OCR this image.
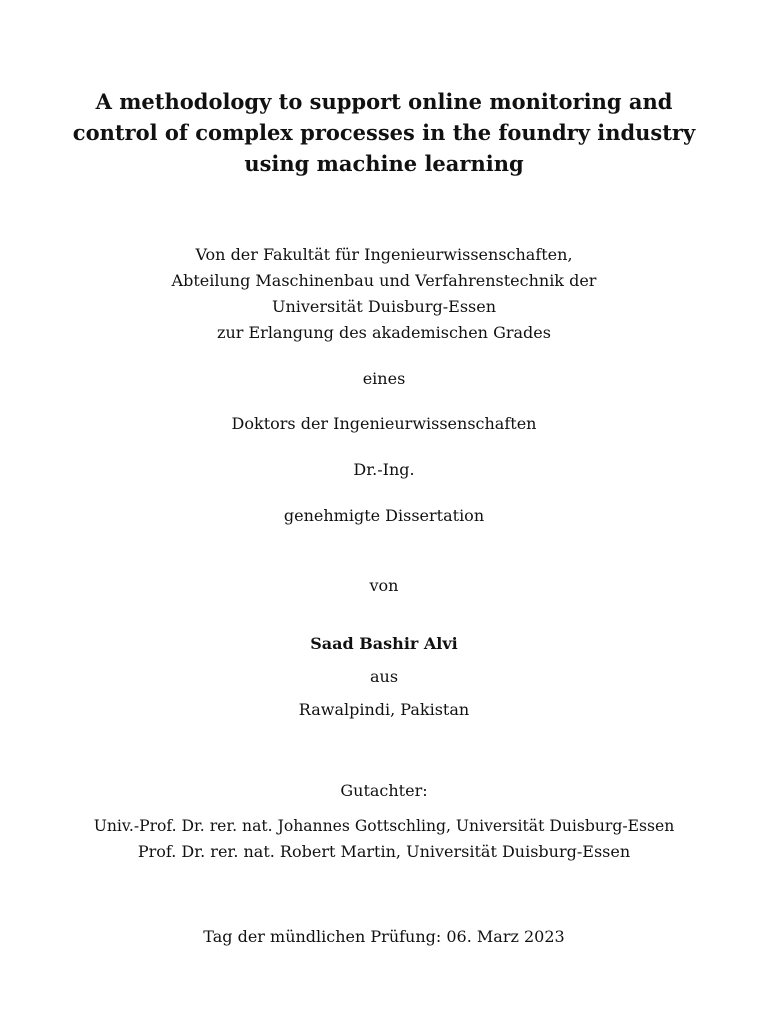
A methodology to support online monitoring and
control of complex processes in the foundry industry
using machine learning
Von der Fakultät für Ingenieurwissenschaften,
Abteilung Maschinenbau und Verfahrenstechnik der
Universität Duisburg-Essen
zur Erlangung des akademischen Grades
eines
Doktors der Ingenieurwissenschaften
Dr.-Ing.
genehmigte Dissertation
von
Saad Bashir Alvi
aus
Rawalpindi, Pakistan
Gutachter:
Univ.-Prof. Dr. rer. nat. Johannes Gottschling, Universität Duisburg-Essen
Prof. Dr. rer. nat. Robert Martin, Universität Duisburg-Essen
Tag der mündlichen Prüfung: 06. Marz 2023
